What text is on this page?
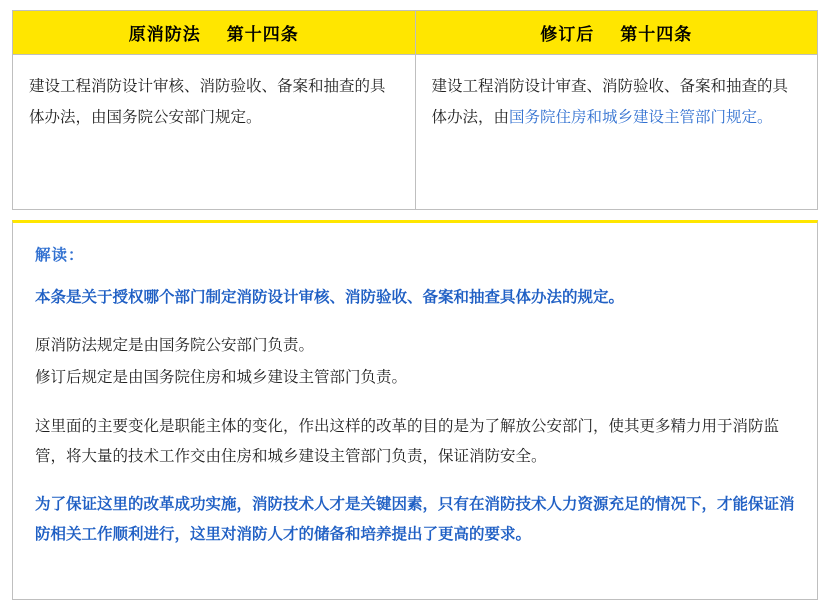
原消防法 第十四条	修订后 第十四条
建设工程消防设计审核、消防验收、备案和抽查的具体办法，由国务院公安部门规定。	建设工程消防设计审查、消防验收、备案和抽查的具体办法，由国务院住房和城乡建设主管部门规定。

解读：

本条是关于授权哪个部门制定消防设计审核、消防验收、备案和抽查具体办法的规定。

原消防法规定是由国务院公安部门负责。

修订后规定是由国务院住房和城乡建设主管部门负责。

这里面的主要变化是职能主体的变化，作出这样的改革的目的是为了解放公安部门，使其更多精力用于消防监管，将大量的技术工作交由住房和城乡建设主管部门负责，保证消防安全。

为了保证这里的改革成功实施，消防技术人才是关键因素，只有在消防技术人力资源充足的情况下，才能保证消防相关工作顺利进行，这里对消防人才的储备和培养提出了更高的要求。
